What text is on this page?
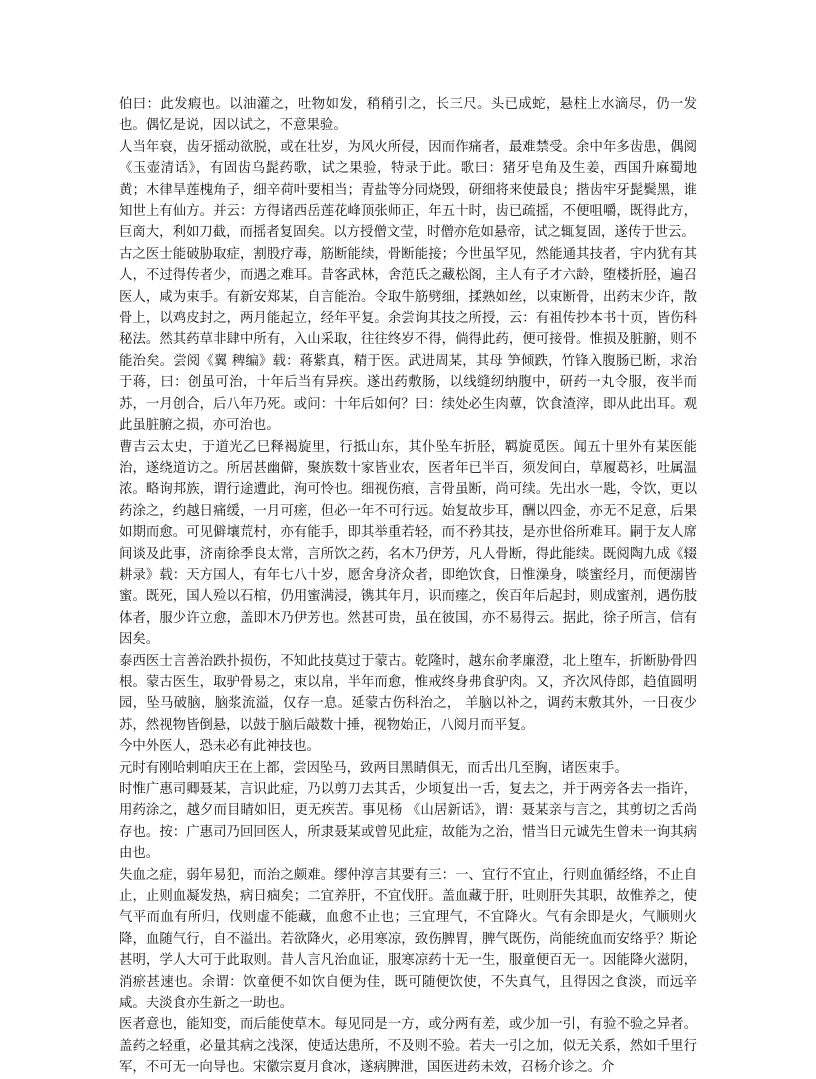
伯曰：此发瘕也。以油灌之，吐物如发，稍稍引之，长三尺。头已成蛇，悬柱上水滴尽，仍一发也。偶忆是说，因以试之，不意果验。

人当年衰，齿牙摇动欲脱，或在壮岁，为风火所侵，因而作痛者，最难禁受。余中年多齿患，偶阅《玉壶清话》，有固齿乌髭药歌，试之果验，特录于此。歌曰：猪牙皂角及生姜，西国升麻蜀地黄；木律旱莲槐角子，细辛荷叶要相当；青盐等分同烧毁，研细将来使最良；揩齿牢牙髭鬓黑，谁知世上有仙方。并云：方得诸西岳莲花峰顶张师正，年五十时，齿已疏摇，不便咀嚼，既得此方，巨啇大，利如刀截，而摇者复固矣。以方授僧文莹，时僧亦危如悬帝，试之辄复固，遂传于世云。

古之医士能破胁取症，割股疗毒，筋断能续，骨断能接；今世虽罕见，然能通其技者，宇内犹有其人，不过得传者少，而遇之难耳。昔客武林，舍范氏之藏松阁，主人有子才六龄，堕楼折胫，遍召医人，咸为束手。有新安郑某，自言能治。令取牛筋劈细，揉熟如丝，以束断骨，出药末少许，散骨上，以鸡皮封之，两月能起立，经年平复。余尝询其技之所授，云：有祖传抄本书十页，皆伤科秘法。然其药草非肆中所有，入山采取，往往终岁不得，倘得此药，便可接骨。惟损及脏腑，则不能治矣。尝阅《翼 稗编》载：蒋紫真，精于医。武进周某，其母 笋倾跌，竹锋入腹肠已断，求治于蒋，曰：创虽可治，十年后当有异疾。遂出药敷肠，以线缝纫纳腹中，研药一丸令服，夜半而苏，一月创合，后八年乃死。或问：十年后如何？曰：续处必生肉蕈，饮食渣滓，即从此出耳。观此虽脏腑之损，亦可治也。

曹吉云太史，于道光乙巳释褐旋里，行抵山东，其仆坠车折胫，羁旋觅医。闻五十里外有某医能治，遂绕道访之。所居甚幽僻，聚族数十家皆业农，医者年已半百，须发间白，草履葛衫，吐属温浓。略询邦族，谓行途遭此，洵可怜也。细视伤痕，言骨虽断，尚可续。先出水一匙，令饮，更以药涂之，约越日痛缓，一月可瘥，但必一年不可行远。始复故步耳，酬以四金，亦无不足意，后果如期而愈。可见僻壤荒村，亦有能手，即其举重若轻，而不矜其技，是亦世俗所难耳。嗣于友人席间谈及此事，济南徐季良太常，言所饮之药，名木乃伊芳，凡人骨断，得此能续。既阅陶九成《辍耕录》载：天方国人，有年七八十岁，愿舍身济众者，即绝饮食，日惟澡身，啖蜜经月，而便溺皆蜜。既死，国人殓以石棺，仍用蜜满浸，镌其年月，识而瘗之，俟百年后起封，则成蜜剂，遇伤肢体者，服少许立愈，盖即木乃伊芳也。然甚可贵，虽在彼国，亦不易得云。据此，徐子所言，信有因矣。

泰西医士言善治跌扑损伤，不知此技莫过于蒙古。乾隆时，越东俞孝廉澄，北上堕车，折断胁骨四根。蒙古医生，取驴骨易之，束以帛，半年而愈，惟戒终身弗食驴肉。又，齐次风侍郎，趋值圆明园，坠马破脑，脑浆流溢，仅存一息。延蒙古伤科治之， 羊脑以补之，调药末敷其外，一日夜少苏，然视物皆倒悬，以鼓于脑后敲数十捶，视物始正，八阅月而平复。

今中外医人，恐未必有此神技也。

元时有刚哈剌咱庆王在上都，尝因坠马，致两目黑睛俱无，而舌出几至胸，诸医束手。

时惟广惠司卿聂某，言识此症，乃以剪刀去其舌，少顷复出一舌，复去之，并于两旁各去一指许，用药涂之，越夕而目睛如旧，更无疾苦。事见杨 《山居新话》，谓：聂某亲与言之，其剪切之舌尚存也。按：广惠司乃回回医人，所隶聂某或曾见此症，故能为之治，惜当日元诚先生曾未一询其病由也。

失血之症，弱年易犯，而治之颇难。缪仲淳言其要有三：一、宜行不宜止，行则血循经络，不止自止，止则血凝发热，病日痼矣；二宜养肝，不宜伐肝。盖血藏于肝，吐则肝失其职，故惟养之，使气平而血有所归，伐则虚不能藏，血愈不止也；三宜理气，不宜降火。气有余即是火，气顺则火降，血随气行，自不溢出。若欲降火，必用寒凉，致伤脾胃，脾气既伤，尚能统血而安络乎？斯论甚明，学人大可于此取则。昔人言凡治血证，服寒凉药十无一生，服童便百无一。因能降火滋阴，消瘀甚速也。余谓：饮童便不如饮自便为佳，既可随便饮使，不失真气，且得因之食淡，而远辛咸。夫淡食亦生新之一助也。

医者意也，能知变，而后能使草木。每见同是一方，或分两有差，或少加一引，有验不验之异者。盖药之轻重，必量其病之浅深，使适达患所，不及则不验。若夫一引之加，似无关系，然如千里行军，不可无一向导也。宋徽宗夏月食冰，遂病脾泄，国医进药未效，召杨介诊之。介
